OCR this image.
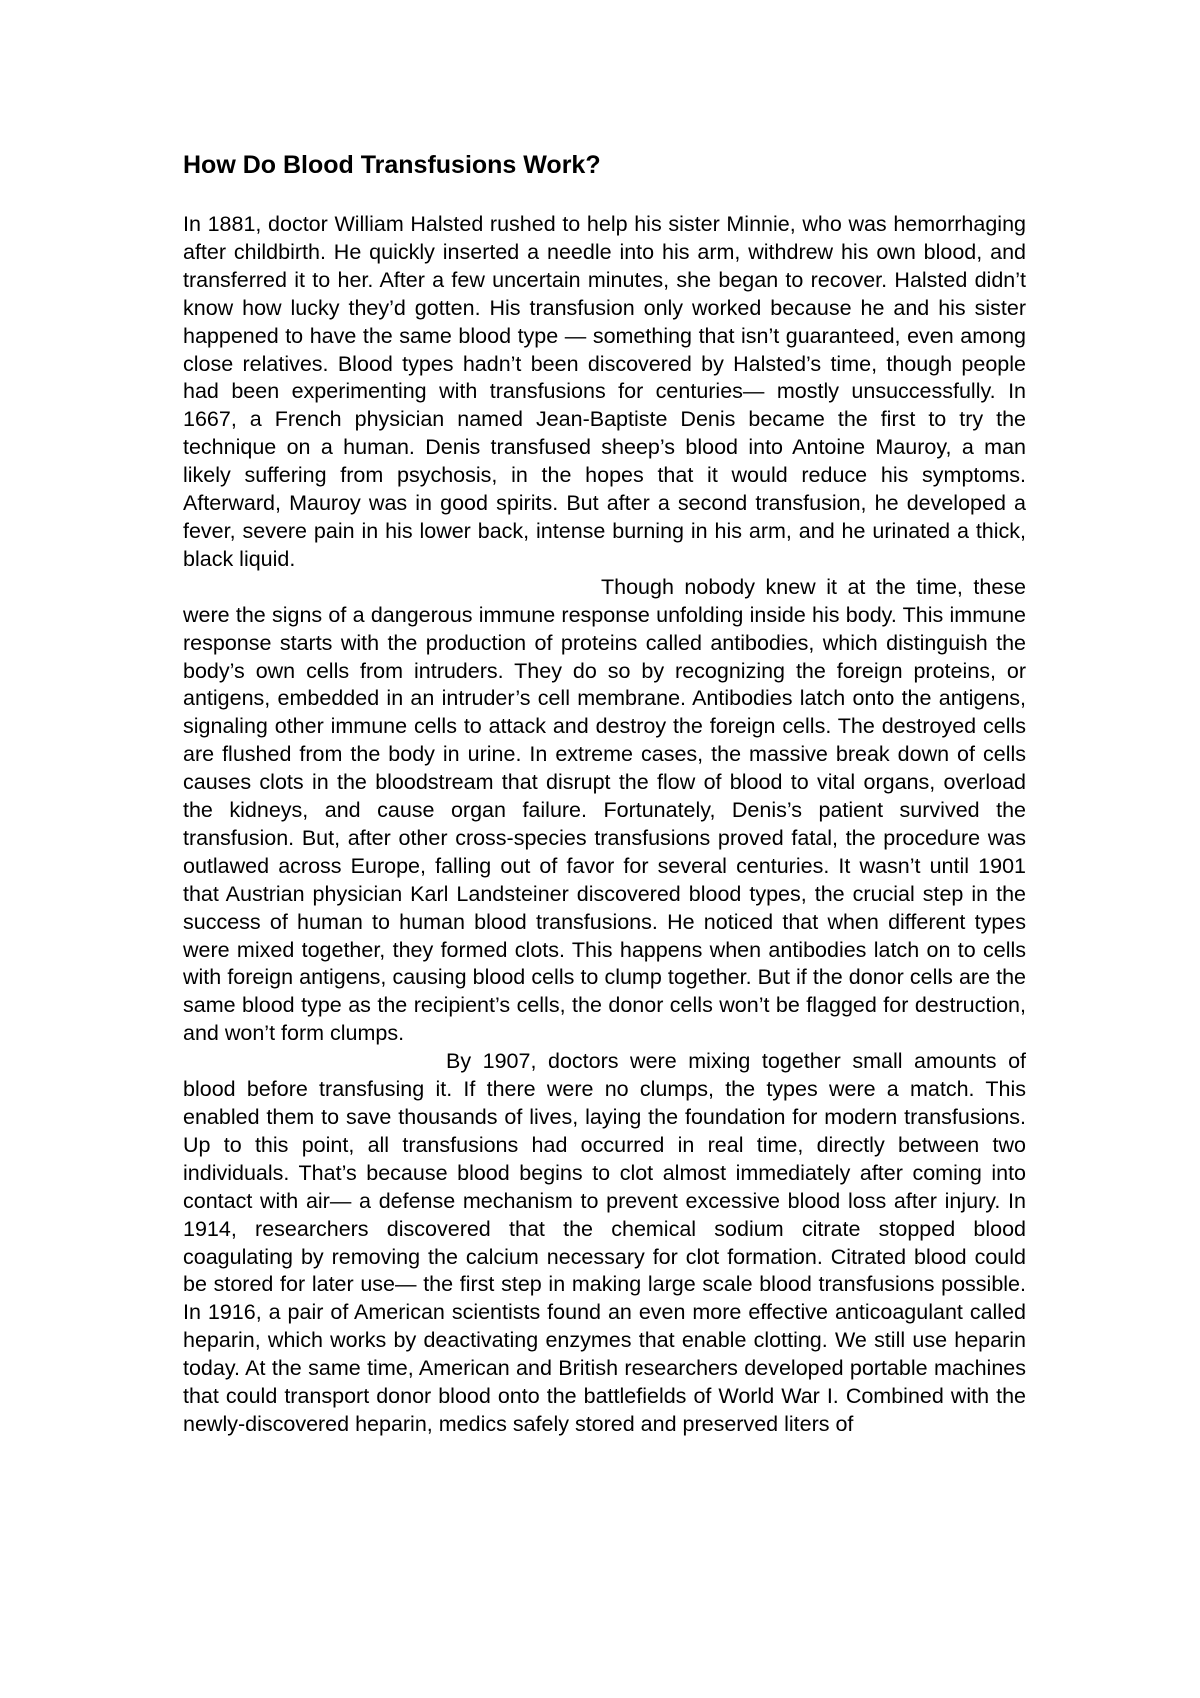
How Do Blood Transfusions Work?

In 1881, doctor William Halsted rushed to help his sister Minnie, who was hemorrhaging after childbirth. He quickly inserted a needle into his arm, withdrew his own blood, and transferred it to her. After a few uncertain minutes, she began to recover. Halsted didn’t know how lucky they’d gotten. His transfusion only worked because he and his sister happened to have the same blood type — something that isn’t guaranteed, even among close relatives. Blood types hadn’t been discovered by Halsted’s time, though people had been experimenting with transfusions for centuries— mostly unsuccessfully. In 1667, a French physician named Jean-Baptiste Denis became the first to try the technique on a human. Denis transfused sheep’s blood into Antoine Mauroy, a man likely suffering from psychosis, in the hopes that it would reduce his symptoms. Afterward, Mauroy was in good spirits. But after a second transfusion, he developed a fever, severe pain in his lower back, intense burning in his arm, and he urinated a thick, black liquid.

Though nobody knew it at the time, these were the signs of a dangerous immune response unfolding inside his body. This immune response starts with the production of proteins called antibodies, which distinguish the body’s own cells from intruders. They do so by recognizing the foreign proteins, or antigens, embedded in an intruder’s cell membrane. Antibodies latch onto the antigens, signaling other immune cells to attack and destroy the foreign cells. The destroyed cells are flushed from the body in urine. In extreme cases, the massive break down of cells causes clots in the bloodstream that disrupt the flow of blood to vital organs, overload the kidneys, and cause organ failure. Fortunately, Denis’s patient survived the transfusion. But, after other cross-species transfusions proved fatal, the procedure was outlawed across Europe, falling out of favor for several centuries. It wasn’t until 1901 that Austrian physician Karl Landsteiner discovered blood types, the crucial step in the success of human to human blood transfusions. He noticed that when different types were mixed together, they formed clots. This happens when antibodies latch on to cells with foreign antigens, causing blood cells to clump together. But if the donor cells are the same blood type as the recipient’s cells, the donor cells won’t be flagged for destruction, and won’t form clumps.

By 1907, doctors were mixing together small amounts of blood before transfusing it. If there were no clumps, the types were a match. This enabled them to save thousands of lives, laying the foundation for modern transfusions. Up to this point, all transfusions had occurred in real time, directly between two individuals. That’s because blood begins to clot almost immediately after coming into contact with air— a defense mechanism to prevent excessive blood loss after injury. In 1914, researchers discovered that the chemical sodium citrate stopped blood coagulating by removing the calcium necessary for clot formation. Citrated blood could be stored for later use— the first step in making large scale blood transfusions possible. In 1916, a pair of American scientists found an even more effective anticoagulant called heparin, which works by deactivating enzymes that enable clotting. We still use heparin today. At the same time, American and British researchers developed portable machines that could transport donor blood onto the battlefields of World War I. Combined with the newly-discovered heparin, medics safely stored and preserved liters of
